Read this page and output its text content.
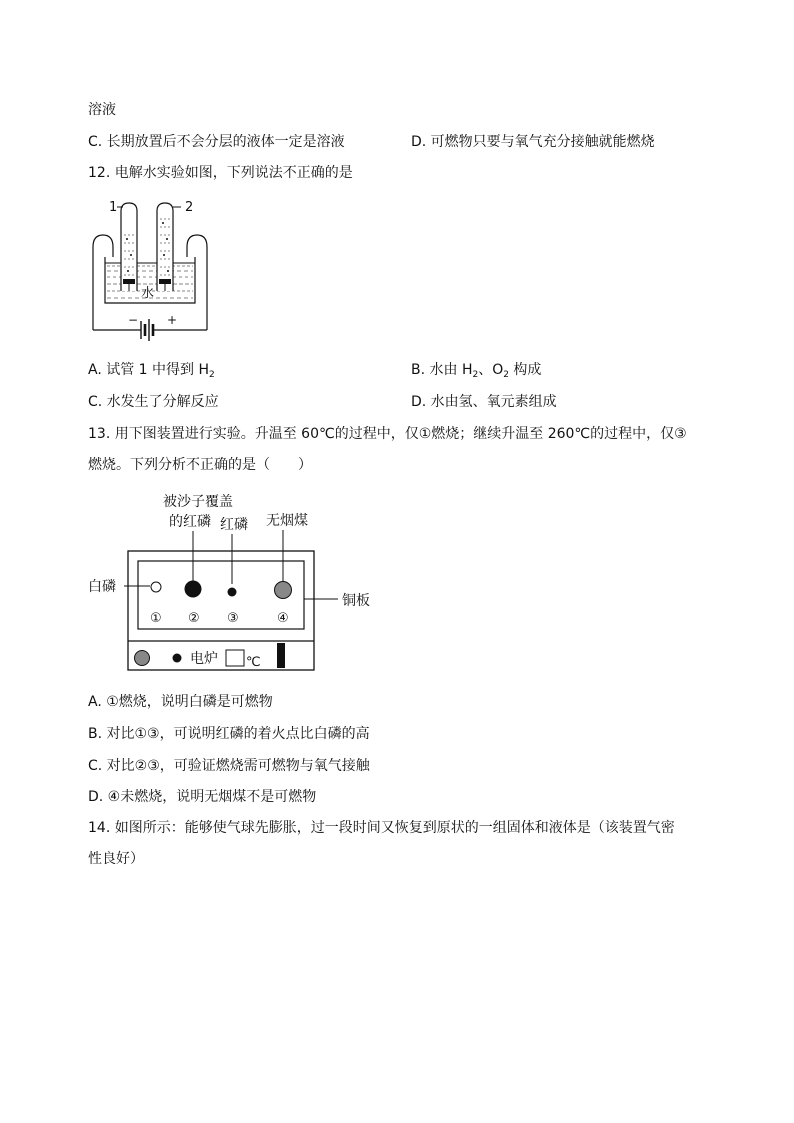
溶液
C. 长期放置后不会分层的液体一定是溶液	D. 可燃物只要与氧气充分接触就能燃烧
12. 电解水实验如图，下列说法不正确的是
1	2
水
− +
A. 试管 1 中得到 $H_2$	B. 水由 $H_2$、$O_2$ 构成
C. 水发生了分解反应	D. 水由氢、氧元素组成
13. 用下图装置进行实验。升温至 60℃的过程中，仅①燃烧；继续升温至 260℃的过程中，仅③
燃烧。下列分析不正确的是（　　）
被沙子覆盖
的红磷 红磷 无烟煤
白磷
铜板
① ② ③	④
电炉 ℃
A. ①燃烧，说明白磷是可燃物
B. 对比①③，可说明红磷的着火点比白磷的高
C. 对比②③，可验证燃烧需可燃物与氧气接触
D. ④未燃烧，说明无烟煤不是可燃物
14. 如图所示：能够使气球先膨胀，过一段时间又恢复到原状的一组固体和液体是（该装置气密
性良好）
